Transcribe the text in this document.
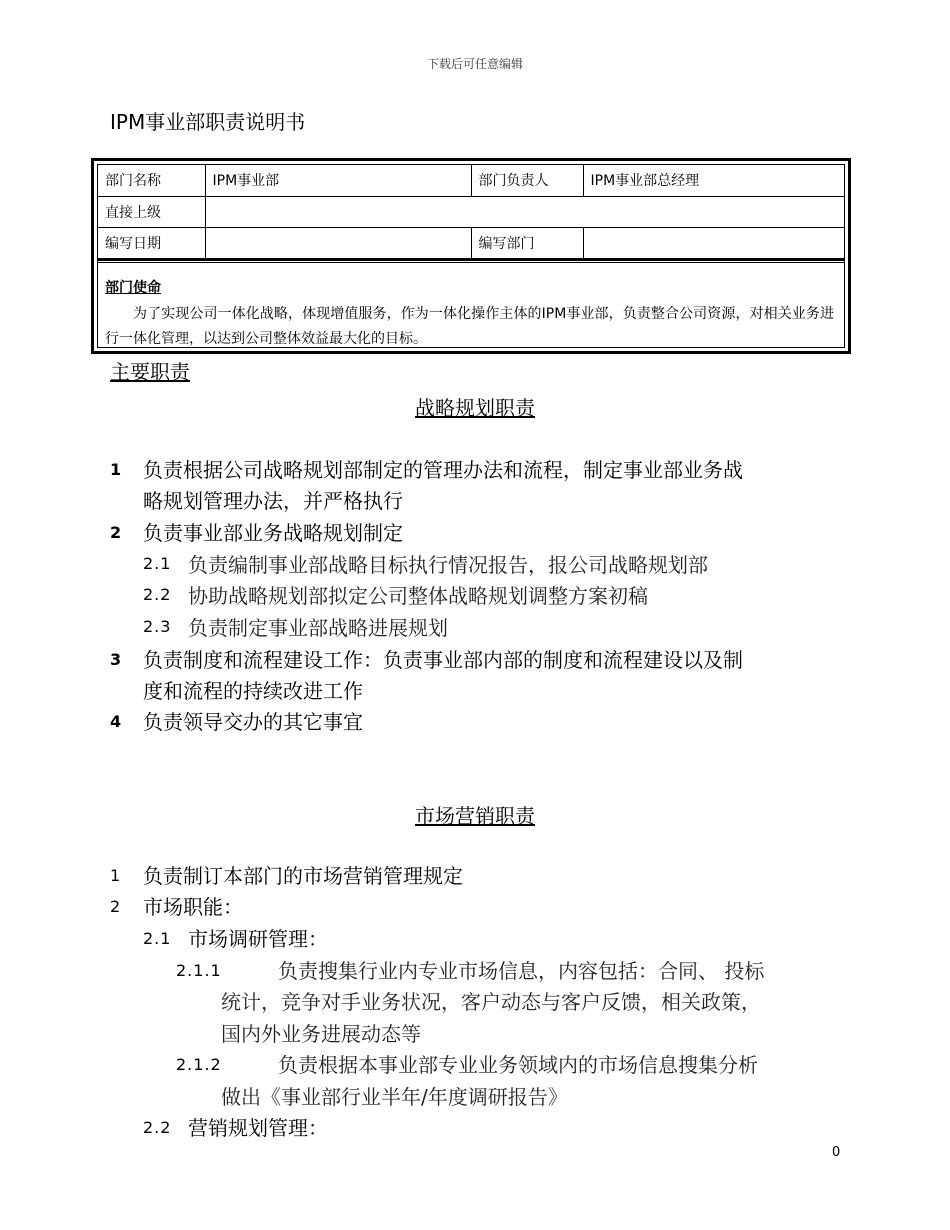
下载后可任意编辑
IPM事业部职责说明书
部门名称	IPM事业部	部门负责人	IPM事业部总经理
直接上级			
编写日期		编写部门	
部门使命
为了实现公司一体化战略，体现增值服务，作为一体化操作主体的IPM事业部，负责整合公司资源，对相关业务进行一体化管理，以达到公司整体效益最大化的目标。
主要职责
战略规划职责
1 负责根据公司战略规划部制定的管理办法和流程，制定事业部业务战
略规划管理办法，并严格执行
2 负责事业部业务战略规划制定
2.1 负责编制事业部战略目标执行情况报告，报公司战略规划部
2.2 协助战略规划部拟定公司整体战略规划调整方案初稿
2.3 负责制定事业部战略进展规划
3 负责制度和流程建设工作：负责事业部内部的制度和流程建设以及制
度和流程的持续改进工作
4 负责领导交办的其它事宜
市场营销职责
1 负责制订本部门的市场营销管理规定
2 市场职能：
2.1 市场调研管理：
2.1.1	负责搜集行业内专业市场信息，内容包括：合同、 投标
统计，竞争对手业务状况，客户动态与客户反馈，相关政策，
国内外业务进展动态等
2.1.2	负责根据本事业部专业业务领域内的市场信息搜集分析
做出《事业部行业半年/年度调研报告》
2.2 营销规划管理：
0
